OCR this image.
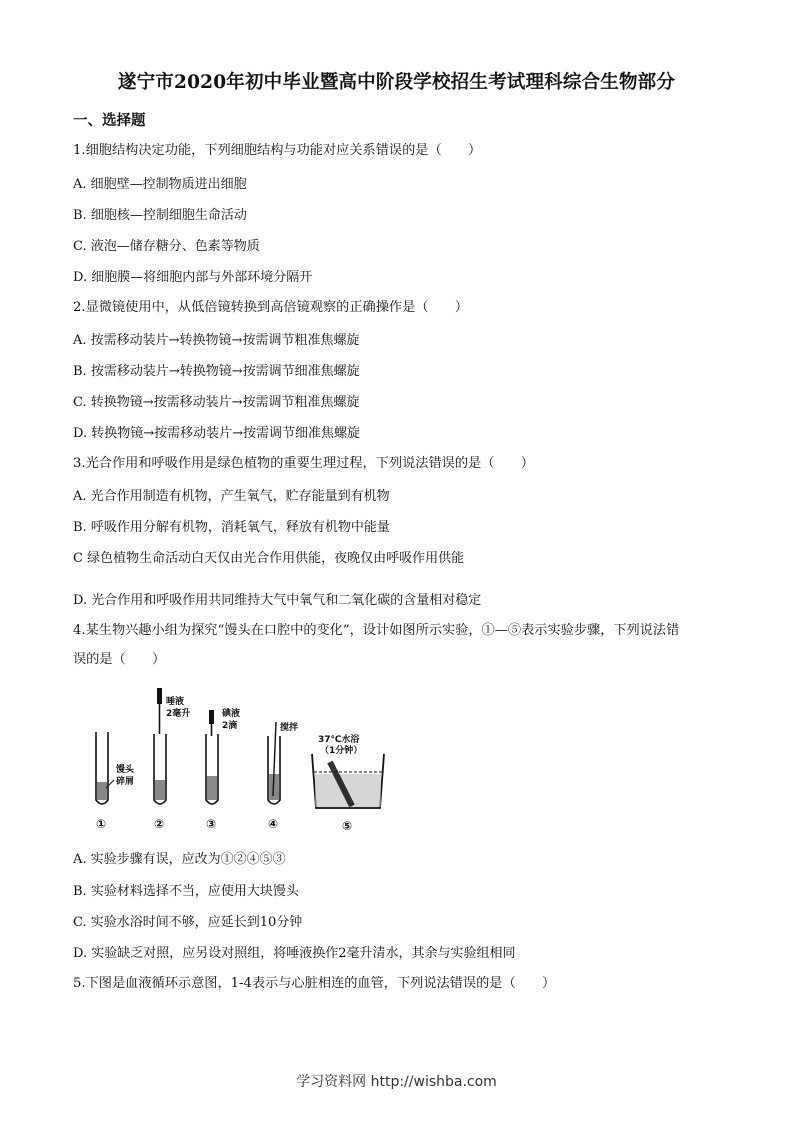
遂宁市2020年初中毕业暨高中阶段学校招生考试理科综合生物部分
一、选择题
1.细胞结构决定功能，下列细胞结构与功能对应关系错误的是（　　）
A. 细胞壁—控制物质进出细胞
B. 细胞核—控制细胞生命活动
C. 液泡—储存糖分、色素等物质
D. 细胞膜—将细胞内部与外部环境分隔开
2.显微镜使用中，从低倍镜转换到高倍镜观察的正确操作是（　　）
A. 按需移动装片→转换物镜→按需调节粗准焦螺旋
B. 按需移动装片→转换物镜→按需调节细准焦螺旋
C. 转换物镜→按需移动装片→按需调节粗准焦螺旋
D. 转换物镜→按需移动装片→按需调节细准焦螺旋
3.光合作用和呼吸作用是绿色植物的重要生理过程，下列说法错误的是（　　）
A. 光合作用制造有机物，产生氧气，贮存能量到有机物
B. 呼吸作用分解有机物，消耗氧气，释放有机物中能量
C 绿色植物生命活动白天仅由光合作用供能，夜晚仅由呼吸作用供能
D. 光合作用和呼吸作用共同维持大气中氧气和二氧化碳的含量相对稳定
4.某生物兴趣小组为探究“馒头在口腔中的变化”，设计如图所示实验，①—⑤表示实验步骤，下列说法错
误的是（　　）
馒头
碎屑
唾液
2毫升	碘液
2滴	搅拌
37℃水浴
（1分钟）
①	②	③	④	⑤
A. 实验步骤有误，应改为①②④⑤③
B. 实验材料选择不当，应使用大块馒头
C. 实验水浴时间不够，应延长到10分钟
D. 实验缺乏对照，应另设对照组，将唾液换作2毫升清水，其余与实验组相同
5.下图是血液循环示意图，1-4表示与心脏相连的血管，下列说法错误的是（　　）
学习资料网 http://wishba.com
